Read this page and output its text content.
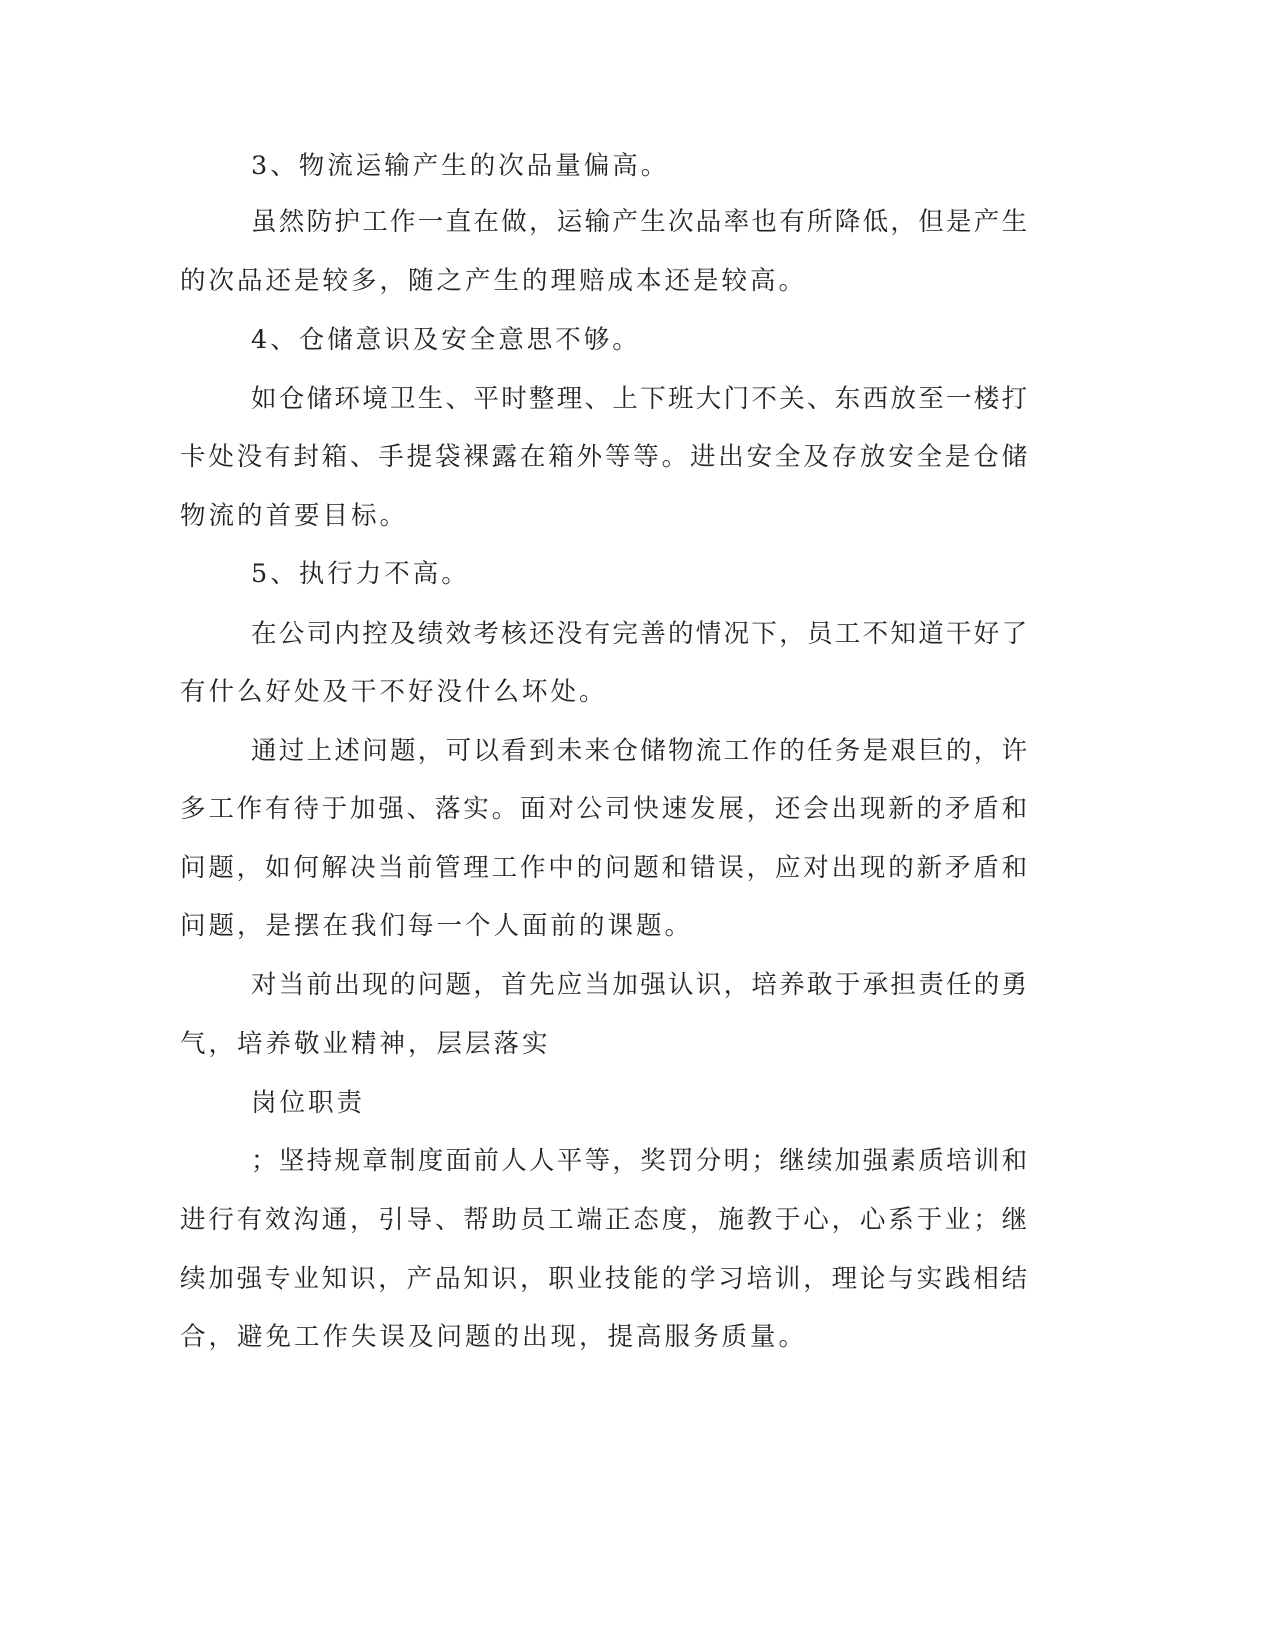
3、物流运输产生的次品量偏高。

虽然防护工作一直在做，运输产生次品率也有所降低，但是产生

的次品还是较多，随之产生的理赔成本还是较高。

4、仓储意识及安全意思不够。

如仓储环境卫生、平时整理、上下班大门不关、东西放至一楼打

卡处没有封箱、手提袋裸露在箱外等等。进出安全及存放安全是仓储

物流的首要目标。

5、执行力不高。

在公司内控及绩效考核还没有完善的情况下，员工不知道干好了

有什么好处及干不好没什么坏处。

通过上述问题，可以看到未来仓储物流工作的任务是艰巨的，许

多工作有待于加强、落实。面对公司快速发展，还会出现新的矛盾和

问题，如何解决当前管理工作中的问题和错误，应对出现的新矛盾和

问题，是摆在我们每一个人面前的课题。

对当前出现的问题，首先应当加强认识，培养敢于承担责任的勇

气，培养敬业精神，层层落实

岗位职责

；坚持规章制度面前人人平等，奖罚分明；继续加强素质培训和

进行有效沟通，引导、帮助员工端正态度，施教于心，心系于业；继

续加强专业知识，产品知识，职业技能的学习培训，理论与实践相结

合，避免工作失误及问题的出现，提高服务质量。
